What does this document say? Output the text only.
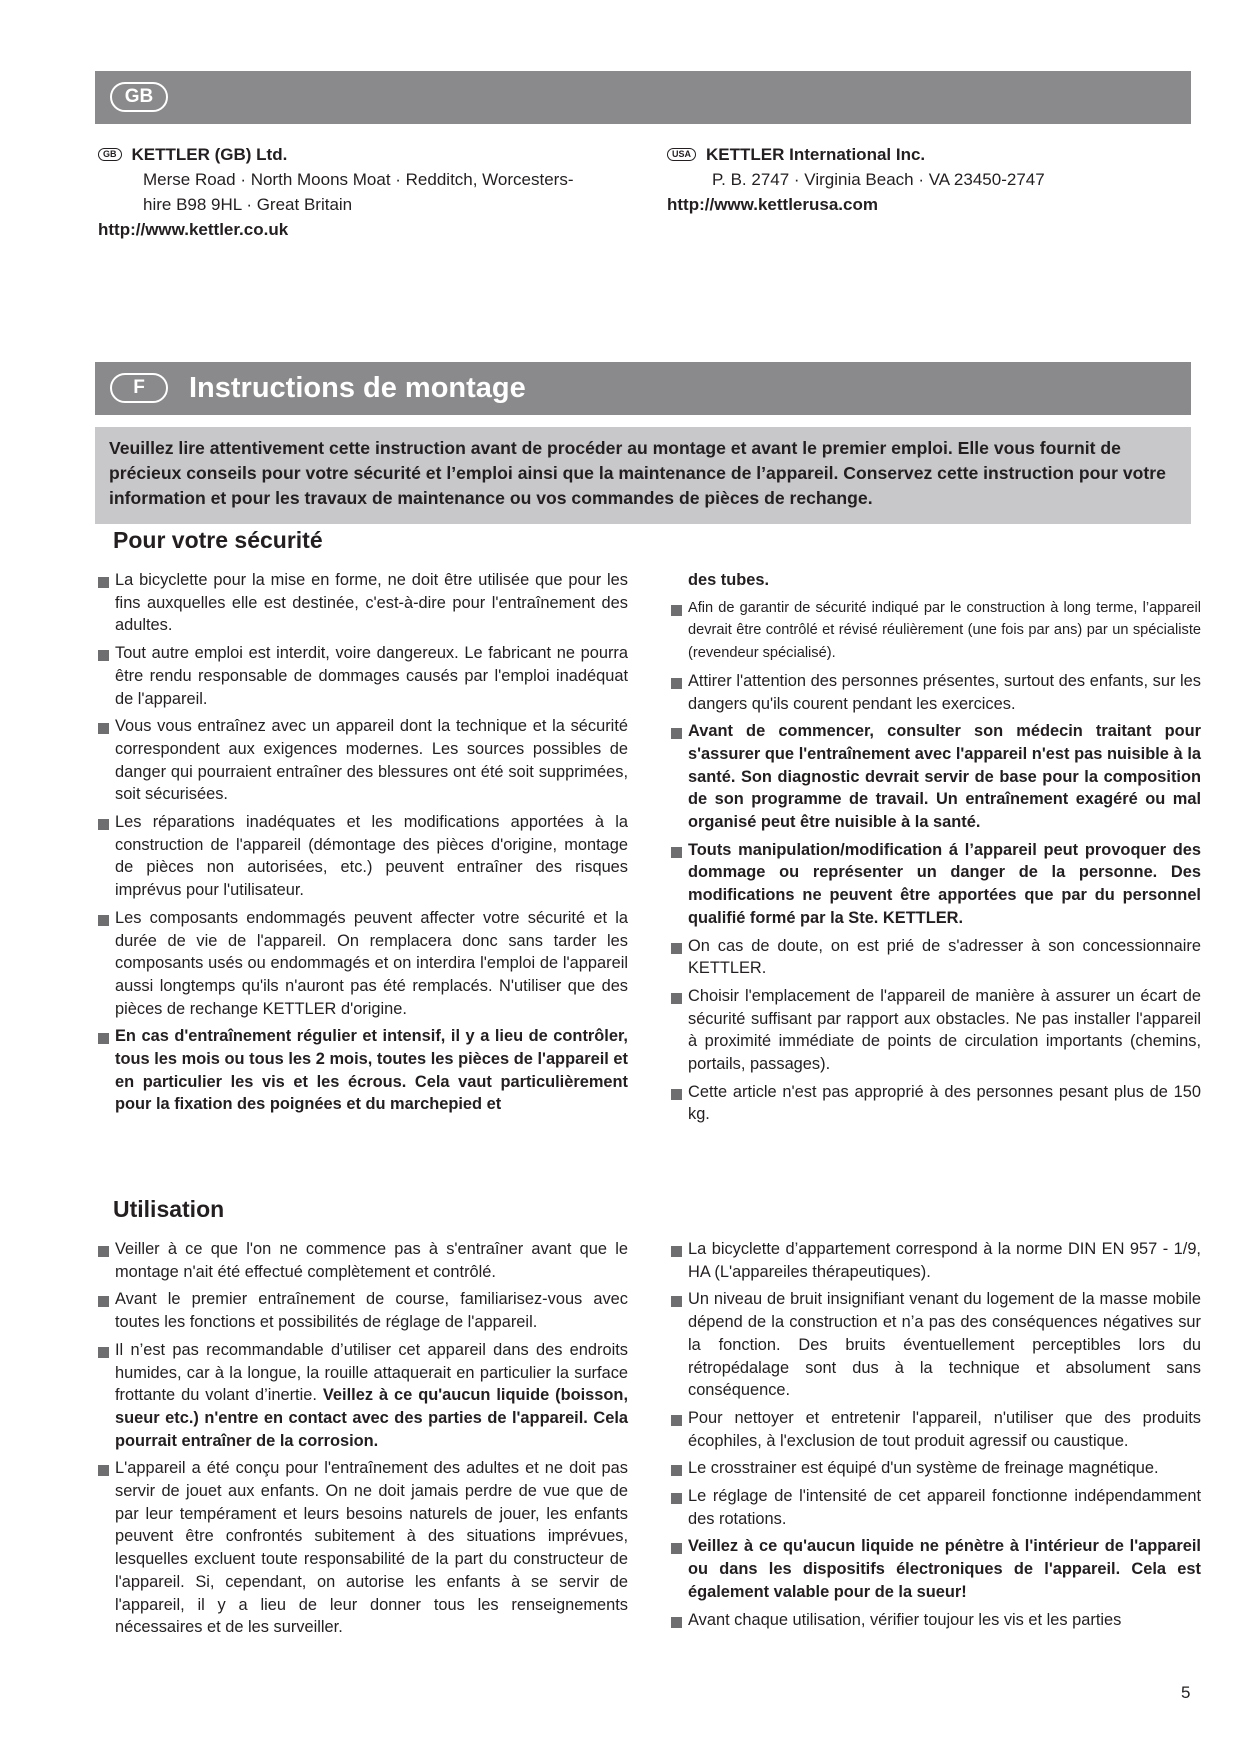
GB
GB KETTLER (GB) Ltd.
Merse Road · North Moons Moat · Redditch, Worcesters-
hire B98 9HL · Great Britain
http://www.kettler.co.uk
USA KETTLER International Inc.
P. B. 2747 · Virginia Beach · VA 23450-2747
http://www.kettlerusa.com
F	Instructions de montage
Veuillez lire attentivement cette instruction avant de procéder au montage et avant le premier emploi. Elle vous fournit de précieux conseils pour votre sécurité et l’emploi ainsi que la maintenance de l’appareil. Conservez cette instruction pour votre information et pour les travaux de maintenance ou vos commandes de pièces de rechange.
Pour votre sécurité
La bicyclette pour la mise en forme, ne doit être utilisée que pour les fins auxquelles elle est destinée, c'est-à-dire pour l'entraînement des adultes.
Tout autre emploi est interdit, voire dangereux. Le fabricant ne pourra être rendu responsable de dommages causés par l'emploi inadéquat de l'appareil.
Vous vous entraînez avec un appareil dont la technique et la sécurité correspondent aux exigences modernes. Les sources possibles de danger qui pourraient entraîner des blessures ont été soit supprimées, soit sécurisées.
Les réparations inadéquates et les modifications apportées à la construction de l'appareil (démontage des pièces d'origine, montage de pièces non autorisées, etc.) peuvent entraîner des risques imprévus pour l'utilisateur.
Les composants endommagés peuvent affecter votre sécurité et la durée de vie de l'appareil. On remplacera donc sans tarder les composants usés ou endommagés et on interdira l'emploi de l'appareil aussi longtemps qu'ils n'auront pas été remplacés. N'utiliser que des pièces de rechange KETTLER d'origine.
En cas d'entraînement régulier et intensif, il y a lieu de contrôler, tous les mois ou tous les 2 mois, toutes les pièces de l'appareil et en particulier les vis et les écrous. Cela vaut particulièrement pour la fixation des poignées et du marchepied et
des tubes.
Afin de garantir de sécurité indiqué par le construction à long terme, l’appareil devrait être contrôlé et révisé réulièrement (une fois par ans) par un spécialiste (revendeur spécialisé).
Attirer l'attention des personnes présentes, surtout des enfants, sur les dangers qu'ils courent pendant les exercices.
Avant de commencer, consulter son médecin traitant pour s'assurer que l'entraînement avec l'appareil n'est pas nuisible à la santé. Son diagnostic devrait servir de base pour la composition de son programme de travail. Un entraînement exagéré ou mal organisé peut être nuisible à la santé.
Touts manipulation/modification á l’appareil peut provoquer des dommage ou représenter un danger de la personne. Des modifications ne peuvent être apportées que par du personnel qualifié formé par la Ste. KETTLER.
On cas de doute, on est prié de s'adresser à son concessionnaire KETTLER.
Choisir l'emplacement de l'appareil de manière à assurer un écart de sécurité suffisant par rapport aux obstacles. Ne pas installer l'appareil à proximité immédiate de points de circulation importants (chemins, portails, passages).
Cette article n'est pas approprié à des personnes pesant plus de 150 kg.
Utilisation
Veiller à ce que l'on ne commence pas à s'entraîner avant que le montage n'ait été effectué complètement et contrôlé.
Avant le premier entraînement de course, familiarisez-vous avec toutes les fonctions et possibilités de réglage de l'appareil.
Il n’est pas recommandable d’utiliser cet appareil dans des endroits humides, car à la longue, la rouille attaquerait en particulier la surface frottante du volant d’inertie. Veillez à ce qu'aucun liquide (boisson, sueur etc.) n'entre en contact avec des parties de l'appareil. Cela pourrait entraîner de la corrosion.
L'appareil a été conçu pour l'entraînement des adultes et ne doit pas servir de jouet aux enfants. On ne doit jamais perdre de vue que de par leur tempérament et leurs besoins naturels de jouer, les enfants peuvent être confrontés subitement à des situations imprévues, lesquelles excluent toute responsabilité de la part du constructeur de l'appareil. Si, cependant, on autorise les enfants à se servir de l'appareil, il y a lieu de leur donner tous les renseignements nécessaires et de les surveiller.
La bicyclette d’appartement correspond à la norme DIN EN 957 - 1/9, HA (L'appareiles thérapeutiques).
Un niveau de bruit insignifiant venant du logement de la masse mobile dépend de la construction et n’a pas des conséquences négatives sur la fonction. Des bruits éventuellement perceptibles lors du rétropédalage sont dus à la technique et absolument sans conséquence.
Pour nettoyer et entretenir l'appareil, n'utiliser que des produits écophiles, à l'exclusion de tout produit agressif ou caustique.
Le crosstrainer est équipé d'un système de freinage magnétique.
Le réglage de l'intensité de cet appareil fonctionne indépendamment des rotations.
Veillez à ce qu'aucun liquide ne pénètre à l'intérieur de l'appareil ou dans les dispositifs électroniques de l'appareil. Cela est également valable pour de la sueur!
Avant chaque utilisation, vérifier toujour les vis et les parties
5
